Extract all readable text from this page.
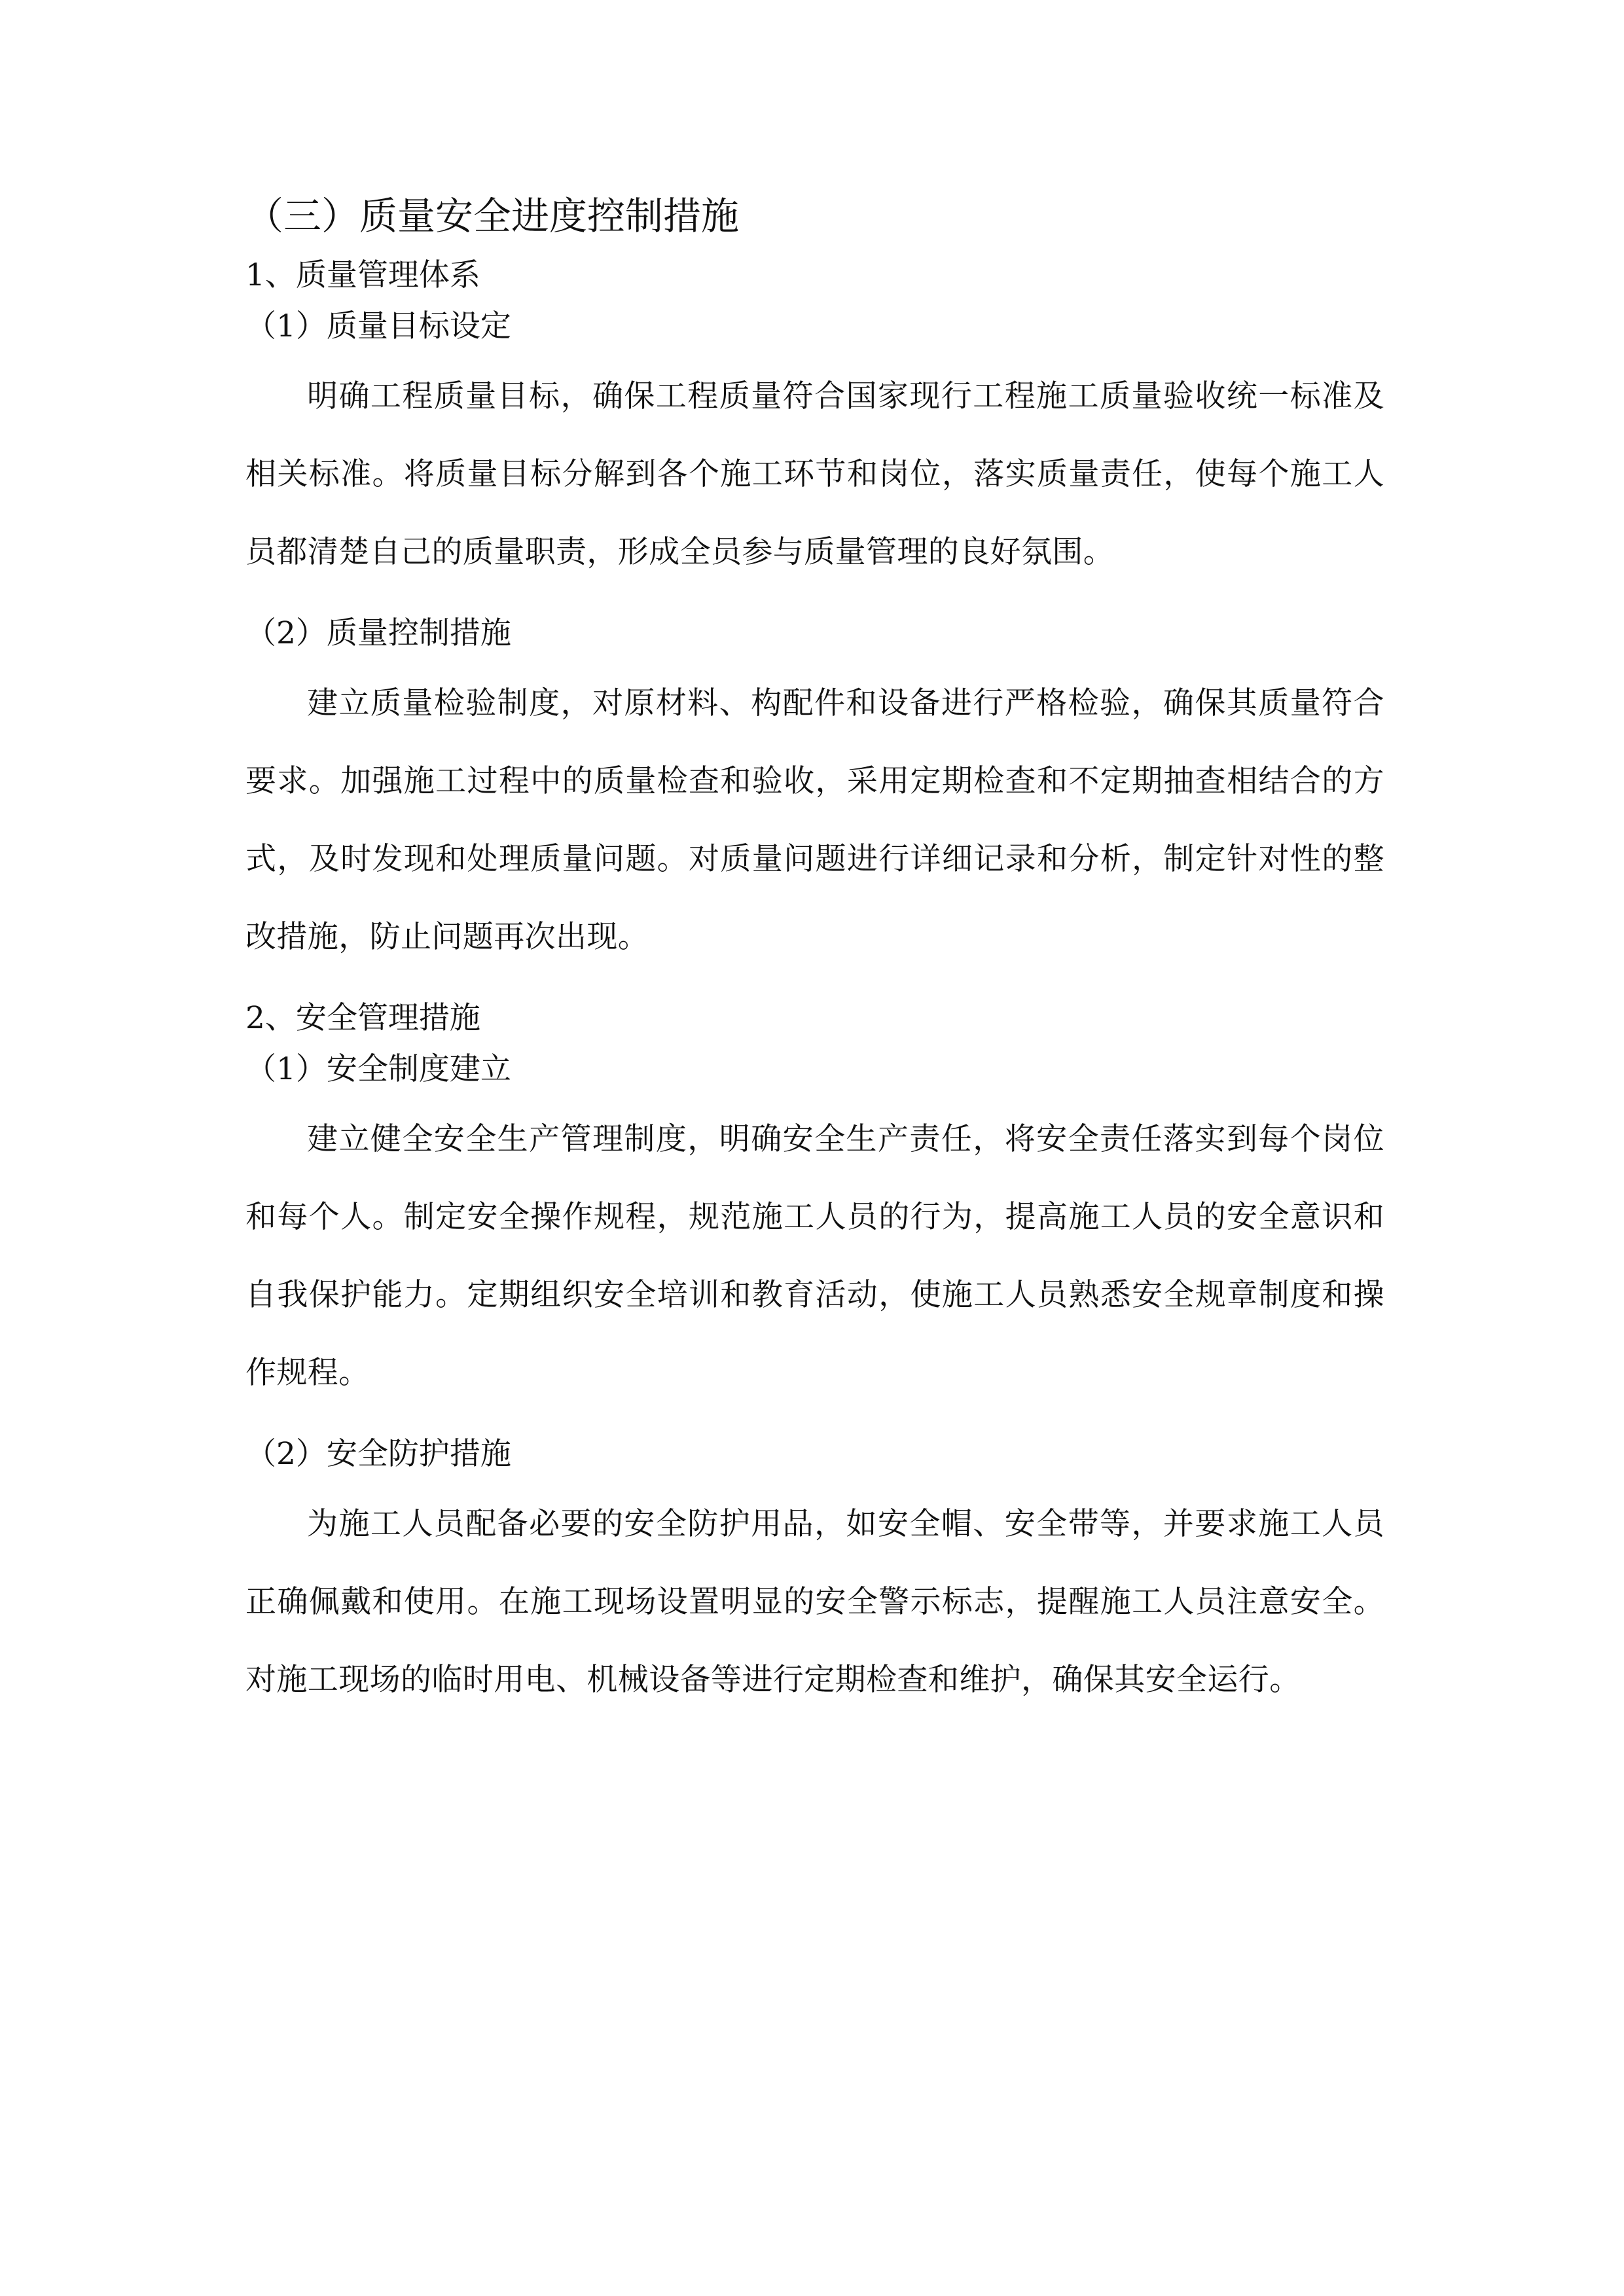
（三）质量安全进度控制措施
1、质量管理体系
（1）质量目标设定

明确工程质量目标，确保工程质量符合国家现行工程施工质量验收统一标准及相关标准。将质量目标分解到各个施工环节和岗位，落实质量责任，使每个施工人员都清楚自己的质量职责，形成全员参与质量管理的良好氛围。

（2）质量控制措施

建立质量检验制度，对原材料、构配件和设备进行严格检验，确保其质量符合要求。加强施工过程中的质量检查和验收，采用定期检查和不定期抽查相结合的方式，及时发现和处理质量问题。对质量问题进行详细记录和分析，制定针对性的整改措施，防止问题再次出现。

2、安全管理措施
（1）安全制度建立

建立健全安全生产管理制度，明确安全生产责任，将安全责任落实到每个岗位和每个人。制定安全操作规程，规范施工人员的行为，提高施工人员的安全意识和自我保护能力。定期组织安全培训和教育活动，使施工人员熟悉安全规章制度和操作规程。

（2）安全防护措施

为施工人员配备必要的安全防护用品，如安全帽、安全带等，并要求施工人员正确佩戴和使用。在施工现场设置明显的安全警示标志，提醒施工人员注意安全。对施工现场的临时用电、机械设备等进行定期检查和维护，确保其安全运行。
